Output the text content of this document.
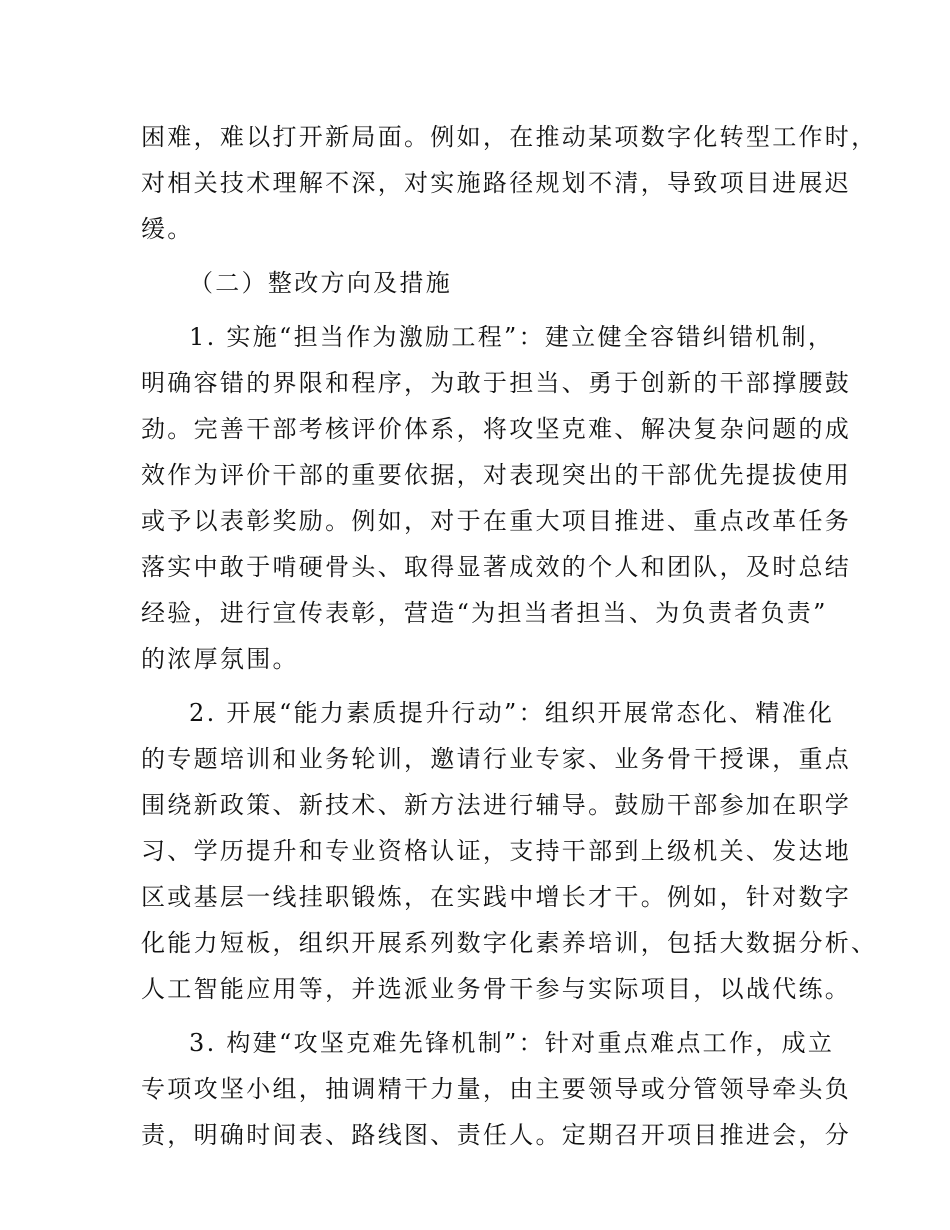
困难，难以打开新局面。例如，在推动某项数字化转型工作时，
对相关技术理解不深，对实施路径规划不清，导致项目进展迟
缓。
（二）整改方向及措施
1. 实施“担当作为激励工程”：建立健全容错纠错机制，
明确容错的界限和程序，为敢于担当、勇于创新的干部撑腰鼓
劲。完善干部考核评价体系，将攻坚克难、解决复杂问题的成
效作为评价干部的重要依据，对表现突出的干部优先提拔使用
或予以表彰奖励。例如，对于在重大项目推进、重点改革任务
落实中敢于啃硬骨头、取得显著成效的个人和团队，及时总结
经验，进行宣传表彰，营造“为担当者担当、为负责者负责”
的浓厚氛围。
2. 开展“能力素质提升行动”：组织开展常态化、精准化
的专题培训和业务轮训，邀请行业专家、业务骨干授课，重点
围绕新政策、新技术、新方法进行辅导。鼓励干部参加在职学
习、学历提升和专业资格认证，支持干部到上级机关、发达地
区或基层一线挂职锻炼，在实践中增长才干。例如，针对数字
化能力短板，组织开展系列数字化素养培训，包括大数据分析、
人工智能应用等，并选派业务骨干参与实际项目，以战代练。
3. 构建“攻坚克难先锋机制”：针对重点难点工作，成立
专项攻坚小组，抽调精干力量，由主要领导或分管领导牵头负
责，明确时间表、路线图、责任人。定期召开项目推进会，分
